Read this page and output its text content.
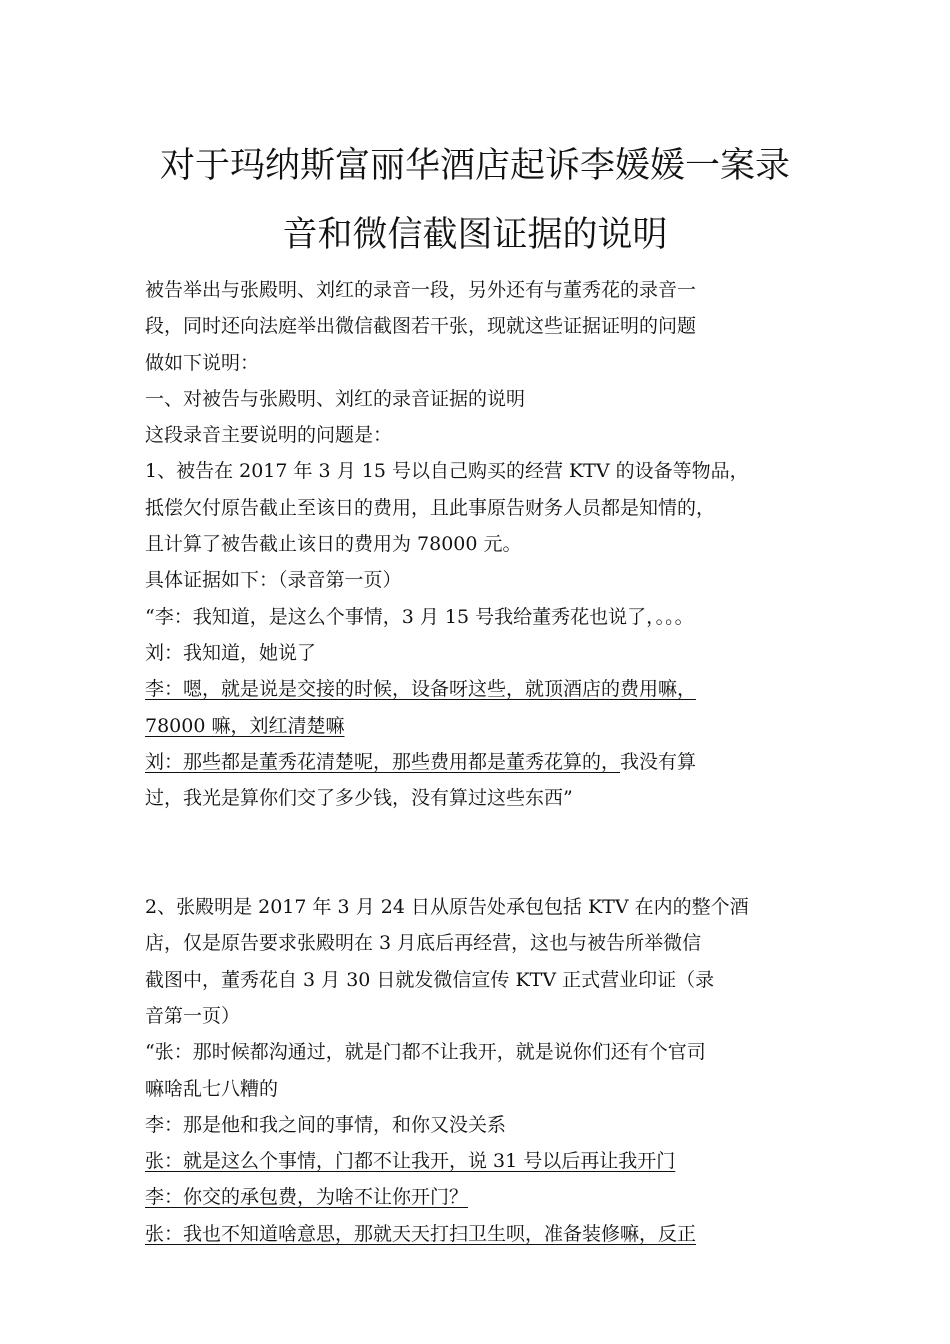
对于玛纳斯富丽华酒店起诉李媛媛一案录
音和微信截图证据的说明
被告举出与张殿明、刘红的录音一段，另外还有与董秀花的录音一
段，同时还向法庭举出微信截图若干张，现就这些证据证明的问题
做如下说明：
一、对被告与张殿明、刘红的录音证据的说明
这段录音主要说明的问题是：
1、被告在 2017 年 3 月 15 号以自己购买的经营 KTV 的设备等物品，
抵偿欠付原告截止至该日的费用，且此事原告财务人员都是知情的，
且计算了被告截止该日的费用为 78000 元。
具体证据如下：（录音第一页）
“李：我知道，是这么个事情，3 月 15 号我给董秀花也说了，。。。
刘：我知道，她说了
李：嗯，就是说是交接的时候，设备呀这些，就顶酒店的费用嘛，
78000 嘛，刘红清楚嘛
刘：那些都是董秀花清楚呢，那些费用都是董秀花算的，我没有算
过，我光是算你们交了多少钱，没有算过这些东西”
2、张殿明是 2017 年 3 月 24 日从原告处承包包括 KTV 在内的整个酒
店，仅是原告要求张殿明在 3 月底后再经营，这也与被告所举微信
截图中，董秀花自 3 月 30 日就发微信宣传 KTV 正式营业印证（录
音第一页）
“张：那时候都沟通过，就是门都不让我开，就是说你们还有个官司
嘛啥乱七八糟的
李：那是他和我之间的事情，和你又没关系
张：就是这么个事情，门都不让我开，说 31 号以后再让我开门
李：你交的承包费，为啥不让你开门？
张：我也不知道啥意思，那就天天打扫卫生呗，准备装修嘛，反正
